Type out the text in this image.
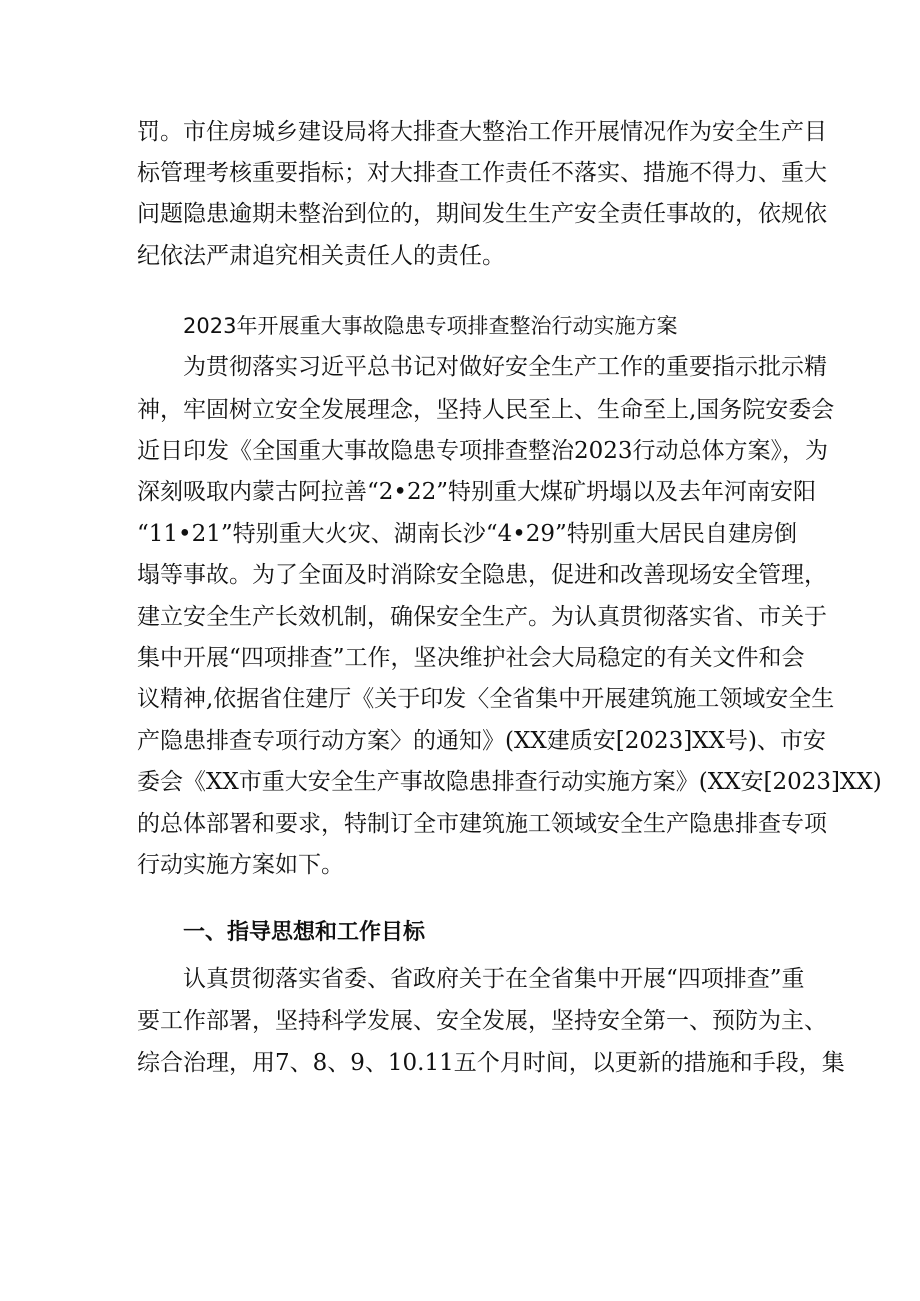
罚。市住房城乡建设局将大排查大整治工作开展情况作为安全生产目
标管理考核重要指标；对大排查工作责任不落实、措施不得力、重大
问题隐患逾期未整治到位的，期间发生生产安全责任事故的，依规依
纪依法严肃追究相关责任人的责任。
2023年开展重大事故隐患专项排查整治行动实施方案
为贯彻落实习近平总书记对做好安全生产工作的重要指示批示精
神，牢固树立安全发展理念，坚持人民至上、生命至上,国务院安委会
近日印发《全国重大事故隐患专项排查整治2023行动总体方案》，为
深刻吸取内蒙古阿拉善“2•22”特别重大煤矿坍塌以及去年河南安阳
“11•21”特别重大火灾、湖南长沙“4•29”特别重大居民自建房倒
塌等事故。为了全面及时消除安全隐患，促进和改善现场安全管理，
建立安全生产长效机制，确保安全生产。为认真贯彻落实省、市关于
集中开展“四项排查”工作，坚决维护社会大局稳定的有关文件和会
议精神,依据省住建厅《关于印发〈全省集中开展建筑施工领域安全生
产隐患排查专项行动方案〉的通知》(XX建质安[2023]XX号)、市安
委会《XX市重大安全生产事故隐患排查行动实施方案》(XX安[2023]XX)
的总体部署和要求，特制订全市建筑施工领域安全生产隐患排查专项
行动实施方案如下。
一、指导思想和工作目标
认真贯彻落实省委、省政府关于在全省集中开展“四项排查”重
要工作部署，坚持科学发展、安全发展，坚持安全第一、预防为主、
综合治理，用7、8、9、10.11五个月时间，以更新的措施和手段，集
